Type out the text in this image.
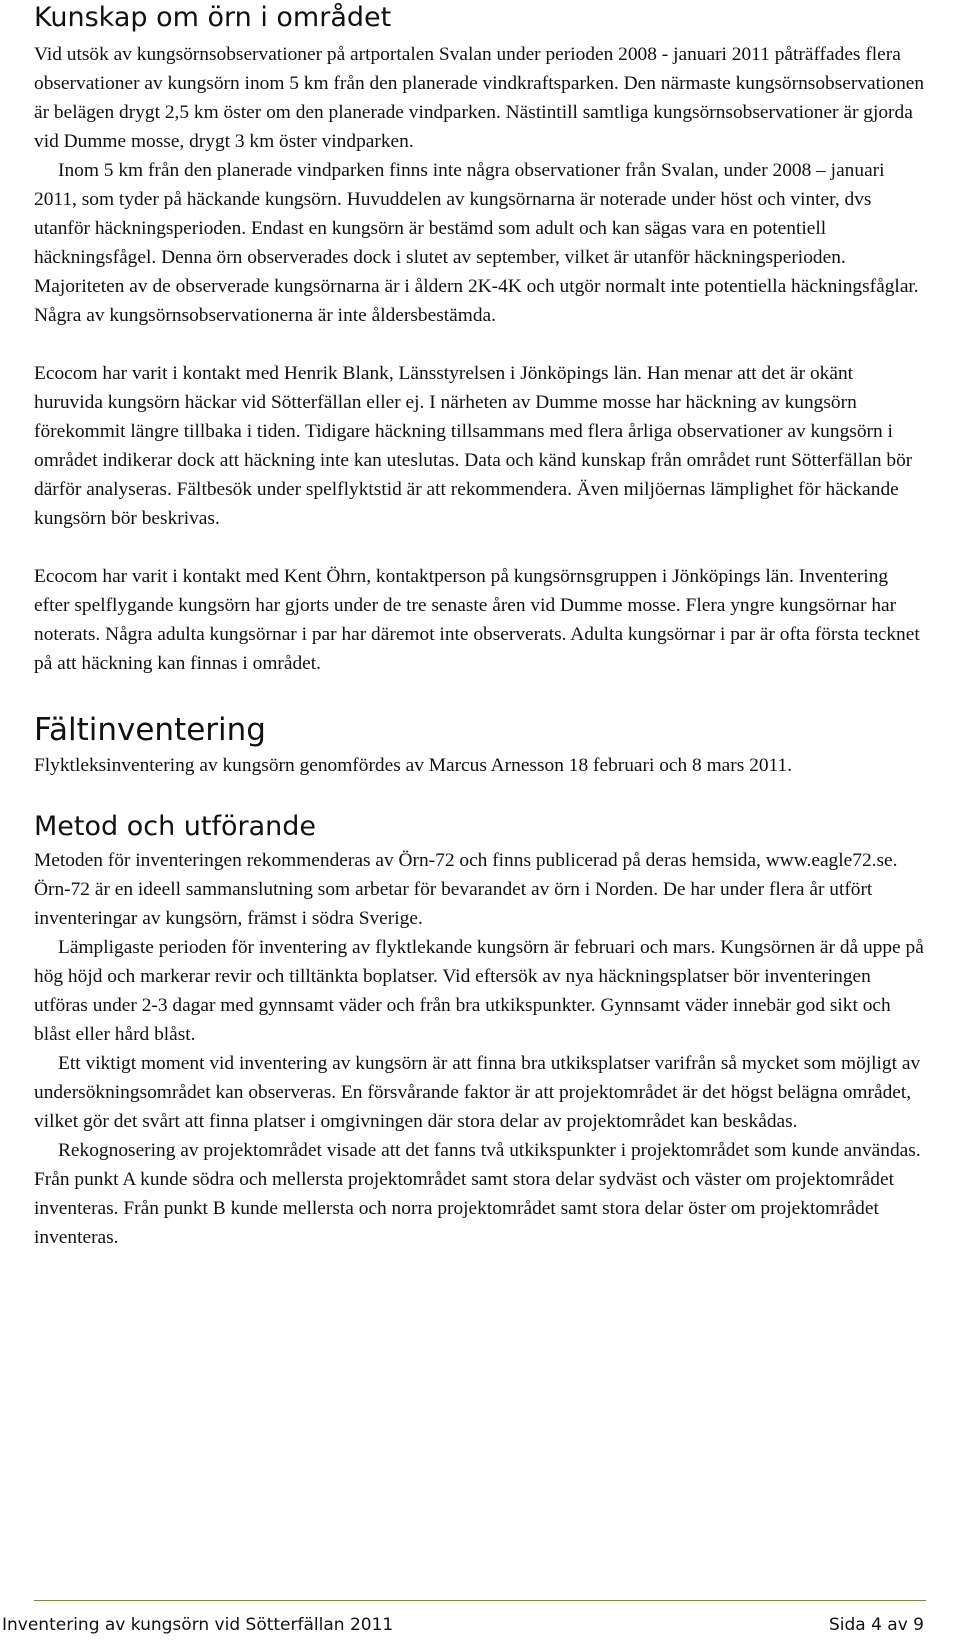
Kunskap om örn i området

Vid utsök av kungsörnsobservationer på artportalen Svalan under perioden 2008 - januari 2011 påträffades flera observationer av kungsörn inom 5 km från den planerade vindkraftsparken. Den närmaste kungsörnsobservationen är belägen drygt 2,5 km öster om den planerade vindparken. Nästintill samtliga kungsörnsobservationer är gjorda vid Dumme mosse, drygt 3 km öster vindparken.

Inom 5 km från den planerade vindparken finns inte några observationer från Svalan, under 2008 – januari 2011, som tyder på häckande kungsörn. Huvuddelen av kungsörnarna är noterade under höst och vinter, dvs utanför häckningsperioden. Endast en kungsörn är bestämd som adult och kan sägas vara en potentiell häckningsfågel. Denna örn observerades dock i slutet av september, vilket är utanför häckningsperioden. Majoriteten av de observerade kungsörnarna är i åldern 2K-4K och utgör normalt inte potentiella häckningsfåglar. Några av kungsörnsobservationerna är inte åldersbestämda.

Ecocom har varit i kontakt med Henrik Blank, Länsstyrelsen i Jönköpings län. Han menar att det är okänt huruvida kungsörn häckar vid Sötterfällan eller ej. I närheten av Dumme mosse har häckning av kungsörn förekommit längre tillbaka i tiden. Tidigare häckning tillsammans med flera årliga observationer av kungsörn i området indikerar dock att häckning inte kan uteslutas. Data och känd kunskap från området runt Sötterfällan bör därför analyseras. Fältbesök under spelflyktstid är att rekommendera. Även miljöernas lämplighet för häckande kungsörn bör beskrivas.

Ecocom har varit i kontakt med Kent Öhrn, kontaktperson på kungsörnsgruppen i Jönköpings län. Inventering efter spelflygande kungsörn har gjorts under de tre senaste åren vid Dumme mosse. Flera yngre kungsörnar har noterats. Några adulta kungsörnar i par har däremot inte observerats. Adulta kungsörnar i par är ofta första tecknet på att häckning kan finnas i området.

Fältinventering

Flyktleksinventering av kungsörn genomfördes av Marcus Arnesson 18 februari och 8 mars 2011.

Metod och utförande

Metoden för inventeringen rekommenderas av Örn-72 och finns publicerad på deras hemsida, www.eagle72.se. Örn-72 är en ideell sammanslutning som arbetar för bevarandet av örn i Norden. De har under flera år utfört inventeringar av kungsörn, främst i södra Sverige.

Lämpligaste perioden för inventering av flyktlekande kungsörn är februari och mars. Kungsörnen är då uppe på hög höjd och markerar revir och tilltänkta boplatser. Vid eftersök av nya häckningsplatser bör inventeringen utföras under 2-3 dagar med gynnsamt väder och från bra utkikspunkter. Gynnsamt väder innebär god sikt och blåst eller hård blåst.

Ett viktigt moment vid inventering av kungsörn är att finna bra utkiksplatser varifrån så mycket som möjligt av undersökningsområdet kan observeras. En försvårande faktor är att projektområdet är det högst belägna området, vilket gör det svårt att finna platser i omgivningen där stora delar av projektområdet kan beskådas.

Rekognosering av projektområdet visade att det fanns två utkikspunkter i projektområdet som kunde användas. Från punkt A kunde södra och mellersta projektområdet samt stora delar sydväst och väster om projektområdet inventeras. Från punkt B kunde mellersta och norra projektområdet samt stora delar öster om projektområdet inventeras.

Inventering av kungsörn vid Sötterfällan 2011	Sida 4 av 9
